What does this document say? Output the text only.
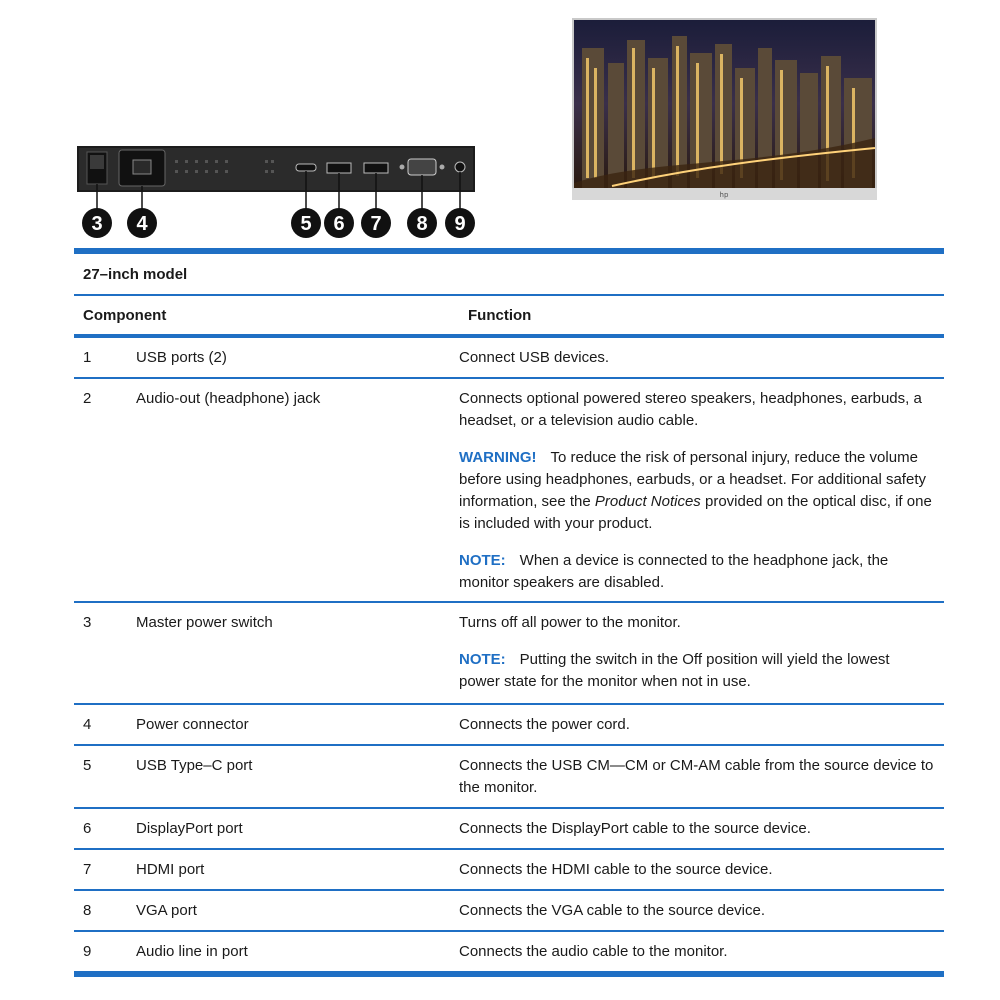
3 4	5 6 7 8 9
hp
27–inch model
Component	Function
1	USB ports (2)	Connect USB devices.
2	Audio-out (headphone) jack	Connects optional powered stereo speakers, headphones, earbuds, a headset, or a television audio cable.

WARNING! To reduce the risk of personal injury, reduce the volume before using headphones, earbuds, or a headset. For additional safety information, see the Product Notices provided on the optical disc, if one is included with your product.

NOTE: When a device is connected to the headphone jack, the monitor speakers are disabled.

3	Master power switch	Turns off all power to the monitor.

NOTE: Putting the switch in the Off position will yield the lowest power state for the monitor when not in use.

4	Power connector	Connects the power cord.
5	USB Type–C port	Connects the USB CM—CM or CM-AM cable from the source device to the monitor.
6	DisplayPort port	Connects the DisplayPort cable to the source device.
7	HDMI port	Connects the HDMI cable to the source device.
8	VGA port	Connects the VGA cable to the source device.
9	Audio line in port	Connects the audio cable to the monitor.
